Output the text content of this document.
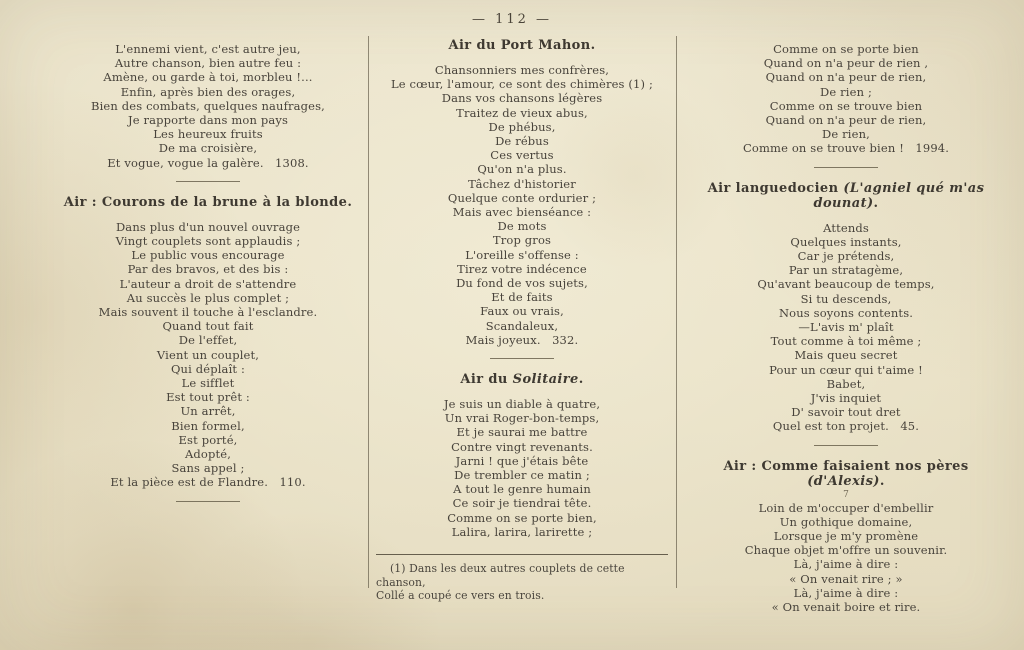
— 112 —
L'ennemi vient, c'est autre jeu,
Autre chanson, bien autre feu :
Amène, ou garde à toi, morbleu !...
Enfin, après bien des orages,
Bien des combats, quelques naufrages,
Je rapporte dans mon pays
Les heureux fruits
De ma croisière,
Et vogue, vogue la galère.   1308.
Air : Courons de la brune à la blonde.
Dans plus d'un nouvel ouvrage
Vingt couplets sont applaudis ;
Le public vous encourage
Par des bravos, et des bis :
L'auteur a droit de s'attendre
Au succès le plus complet ;
Mais souvent il touche à l'esclandre.
Quand tout fait
De l'effet,
Vient un couplet,
Qui déplaît :
Le sifflet
Est tout prêt :
Un arrêt,
Bien formel,
Est porté,
Adopté,
Sans appel ;
Et la pièce est de Flandre.   110.
Air du Port Mahon.
Chansonniers mes confrères,
Le cœur, l'amour, ce sont des chimères (1) ;
Dans vos chansons légères
Traitez de vieux abus,
De phébus,
De rébus
Ces vertus
Qu'on n'a plus.
Tâchez d'historier
Quelque conte ordurier ;
Mais avec bienséance :
De mots
Trop gros
L'oreille s'offense :
Tirez votre indécence
Du fond de vos sujets,
Et de faits
Faux ou vrais,
Scandaleux,
Mais joyeux.   332.
Air du Solitaire.
Je suis un diable à quatre,
Un vrai Roger-bon-temps,
Et je saurai me battre
Contre vingt revenants.
Jarni ! que j'étais bête
De trembler ce matin ;
A tout le genre humain
Ce soir je tiendrai tête.
Comme on se porte bien,
Lalira, larira, larirette ;
(1) Dans les deux autres couplets de cette chanson,
Collé a coupé ce vers en trois.
Comme on se porte bien
Quand on n'a peur de rien ,
Quand on n'a peur de rien,
De rien ;
Comme on se trouve bien
Quand on n'a peur de rien,
De rien,
Comme on se trouve bien !   1994.
Air languedocien (L'agniel qué m'as dounat).
Attends
Quelques instants,
Car je prétends,
Par un stratagème,
Qu'avant beaucoup de temps,
Si tu descends,
Nous soyons contents.
—L'avis m' plaît
Tout comme à toi même ;
Mais queu secret
Pour un cœur qui t'aime !
Babet,
J'vis inquiet
D' savoir tout dret
Quel est ton projet.   45.
Air : Comme faisaient nos pères (d'Alexis).
7
Loin de m'occuper d'embellir
Un gothique domaine,
Lorsque je m'y promène
Chaque objet m'offre un souvenir.
Là, j'aime à dire :
« On venait rire ; »
Là, j'aime à dire :
« On venait boire et rire.
